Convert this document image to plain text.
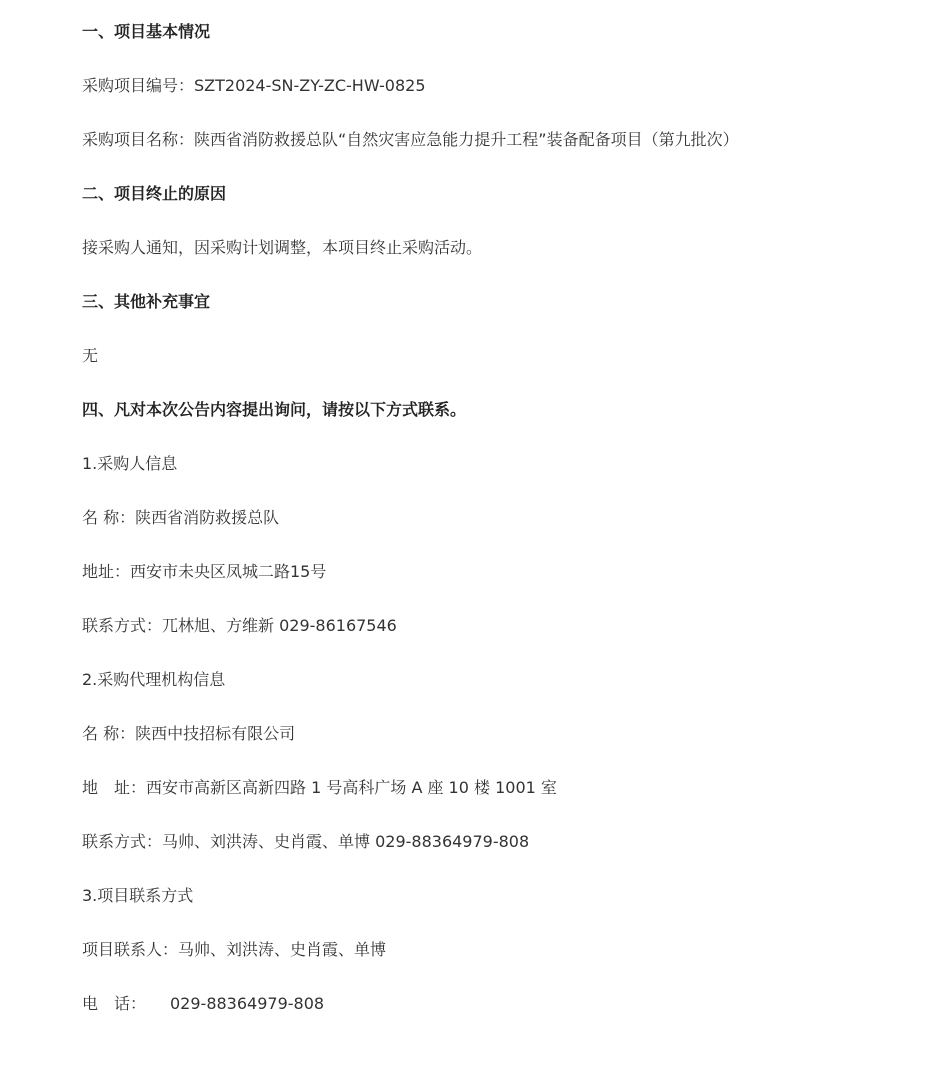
一、项目基本情况
采购项目编号：SZT2024-SN-ZY-ZC-HW-0825
采购项目名称：陕西省消防救援总队“自然灾害应急能力提升工程”装备配备项目（第九批次）
二、项目终止的原因
接采购人通知，因采购计划调整，本项目终止采购活动。
三、其他补充事宜
无
四、凡对本次公告内容提出询问，请按以下方式联系。
1.采购人信息
名 称：陕西省消防救援总队
地址：西安市未央区凤城二路15号
联系方式：兀林旭、方维新 029-86167546
2.采购代理机构信息
名 称：陕西中技招标有限公司
地　址：西安市高新区高新四路 1 号高科广场 A 座 10 楼 1001 室
联系方式：马帅、刘洪涛、史肖霞、单博 029-88364979-808
3.项目联系方式
项目联系人：马帅、刘洪涛、史肖霞、单博
电　话：　　029-88364979-808
